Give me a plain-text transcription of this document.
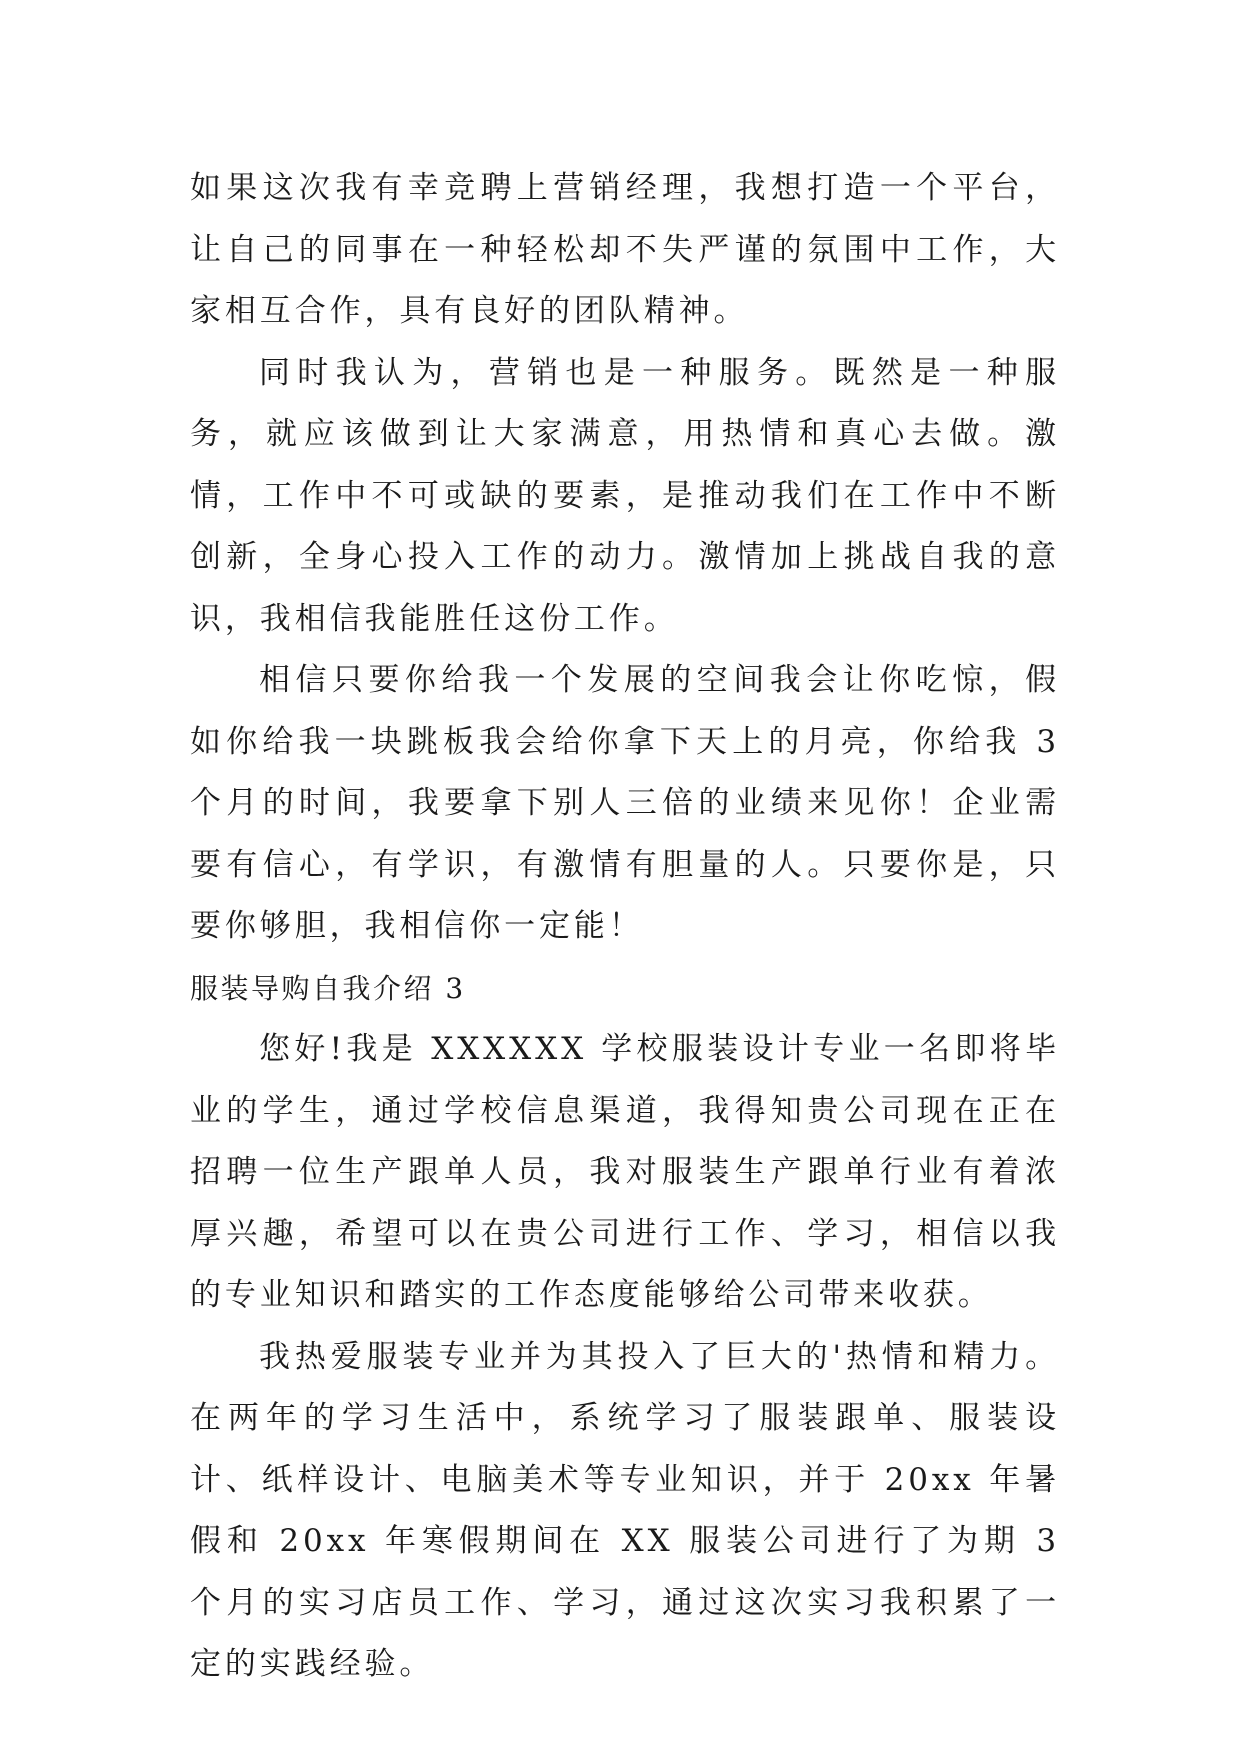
如果这次我有幸竞聘上营销经理，我想打造一个平台，让自己的同事在一种轻松却不失严谨的氛围中工作，大家相互合作，具有良好的团队精神。

同时我认为，营销也是一种服务。既然是一种服务，就应该做到让大家满意，用热情和真心去做。激情，工作中不可或缺的要素，是推动我们在工作中不断创新，全身心投入工作的动力。激情加上挑战自我的意识，我相信我能胜任这份工作。

相信只要你给我一个发展的空间我会让你吃惊，假如你给我一块跳板我会给你拿下天上的月亮，你给我 3 个月的时间，我要拿下别人三倍的业绩来见你！企业需要有信心，有学识，有激情有胆量的人。只要你是，只要你够胆，我相信你一定能！

服装导购自我介绍 3

您好!我是 XXXXXX 学校服装设计专业一名即将毕业的学生，通过学校信息渠道，我得知贵公司现在正在招聘一位生产跟单人员，我对服装生产跟单行业有着浓厚兴趣，希望可以在贵公司进行工作、学习，相信以我的专业知识和踏实的工作态度能够给公司带来收获。

我热爱服装专业并为其投入了巨大的'热情和精力。在两年的学习生活中，系统学习了服装跟单、服装设计、纸样设计、电脑美术等专业知识，并于 20xx 年暑假和 20xx 年寒假期间在 XX 服装公司进行了为期 3 个月的实习店员工作、学习，通过这次实习我积累了一定的实践经验。
